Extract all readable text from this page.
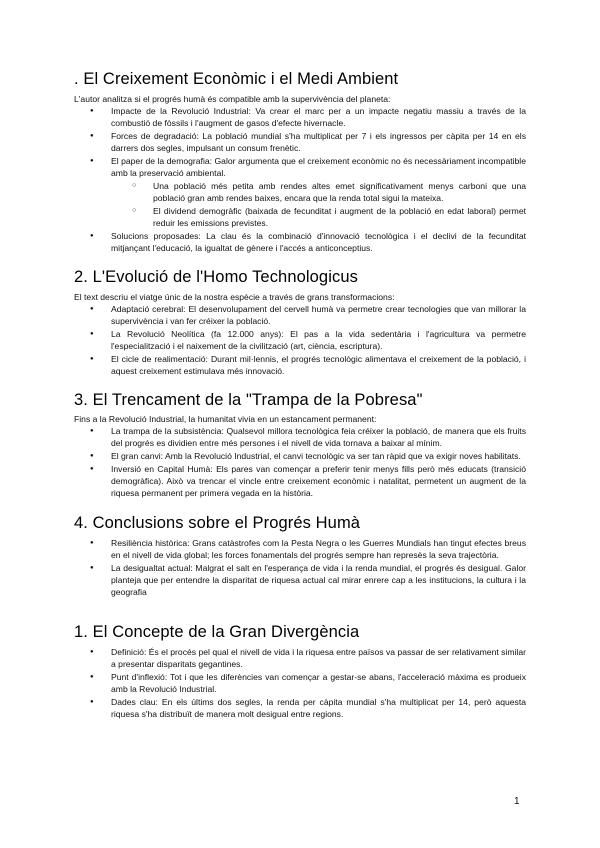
. El Creixement Econòmic i el Medi Ambient

L'autor analitza si el progrés humà és compatible amb la supervivència del planeta:

● Impacte de la Revolució Industrial: Va crear el marc per a un impacte negatiu massiu a través de la combustió de fòssils i l'augment de gasos d'efecte hivernacle.
● Forces de degradació: La població mundial s'ha multiplicat per 7 i els ingressos per càpita per 14 en els darrers dos segles, impulsant un consum frenètic.
● El paper de la demografia: Galor argumenta que el creixement econòmic no és necessàriament incompatible amb la preservació ambiental.
○ Una població més petita amb rendes altes emet significativament menys carboni que una població gran amb rendes baixes, encara que la renda total sigui la mateixa.
○ El dividend demogràfic (baixada de fecunditat i augment de la població en edat laboral) permet reduir les emissions previstes.
● Solucions proposades: La clau és la combinació d'innovació tecnològica i el declivi de la fecunditat mitjançant l'educació, la igualtat de gènere i l'accés a anticonceptius.
2. L'Evolució de l'Homo Technologicus

El text descriu el viatge únic de la nostra espècie a través de grans transformacions:

● Adaptació cerebral: El desenvolupament del cervell humà va permetre crear tecnologies que van millorar la supervivència i van fer créixer la població.
● La Revolució Neolítica (fa 12.000 anys): El pas a la vida sedentària i l'agricultura va permetre l'especialització i el naixement de la civilització (art, ciència, escriptura).
● El cicle de realimentació: Durant mil·lennis, el progrés tecnològic alimentava el creixement de la població, i aquest creixement estimulava més innovació.
3. El Trencament de la "Trampa de la Pobresa"

Fins a la Revolució Industrial, la humanitat vivia en un estancament permanent:

● La trampa de la subsistència: Qualsevol millora tecnològica feia créixer la població, de manera que els fruits del progrés es dividien entre més persones i el nivell de vida tornava a baixar al mínim.
● El gran canvi: Amb la Revolució Industrial, el canvi tecnològic va ser tan ràpid que va exigir noves habilitats.
● Inversió en Capital Humà: Els pares van començar a preferir tenir menys fills però més educats (transició demogràfica). Això va trencar el vincle entre creixement econòmic i natalitat, permetent un augment de la riquesa permanent per primera vegada en la història.
4. Conclusions sobre el Progrés Humà
● Resiliència històrica: Grans catàstrofes com la Pesta Negra o les Guerres Mundials han tingut efectes breus en el nivell de vida global; les forces fonamentals del progrés sempre han represès la seva trajectòria.
● La desigualtat actual: Malgrat el salt en l'esperança de vida i la renda mundial, el progrés és desigual. Galor planteja que per entendre la disparitat de riquesa actual cal mirar enrere cap a les institucions, la cultura i la geografia
1. El Concepte de la Gran Divergència
● Definició: És el procés pel qual el nivell de vida i la riquesa entre països va passar de ser relativament similar a presentar disparitats gegantines.
● Punt d'inflexió: Tot i que les diferències van començar a gestar-se abans, l'acceleració màxima es produeix amb la Revolució Industrial.
● Dades clau: En els últims dos segles, la renda per càpita mundial s'ha multiplicat per 14, però aquesta riquesa s'ha distribuït de manera molt desigual entre regions.
1
